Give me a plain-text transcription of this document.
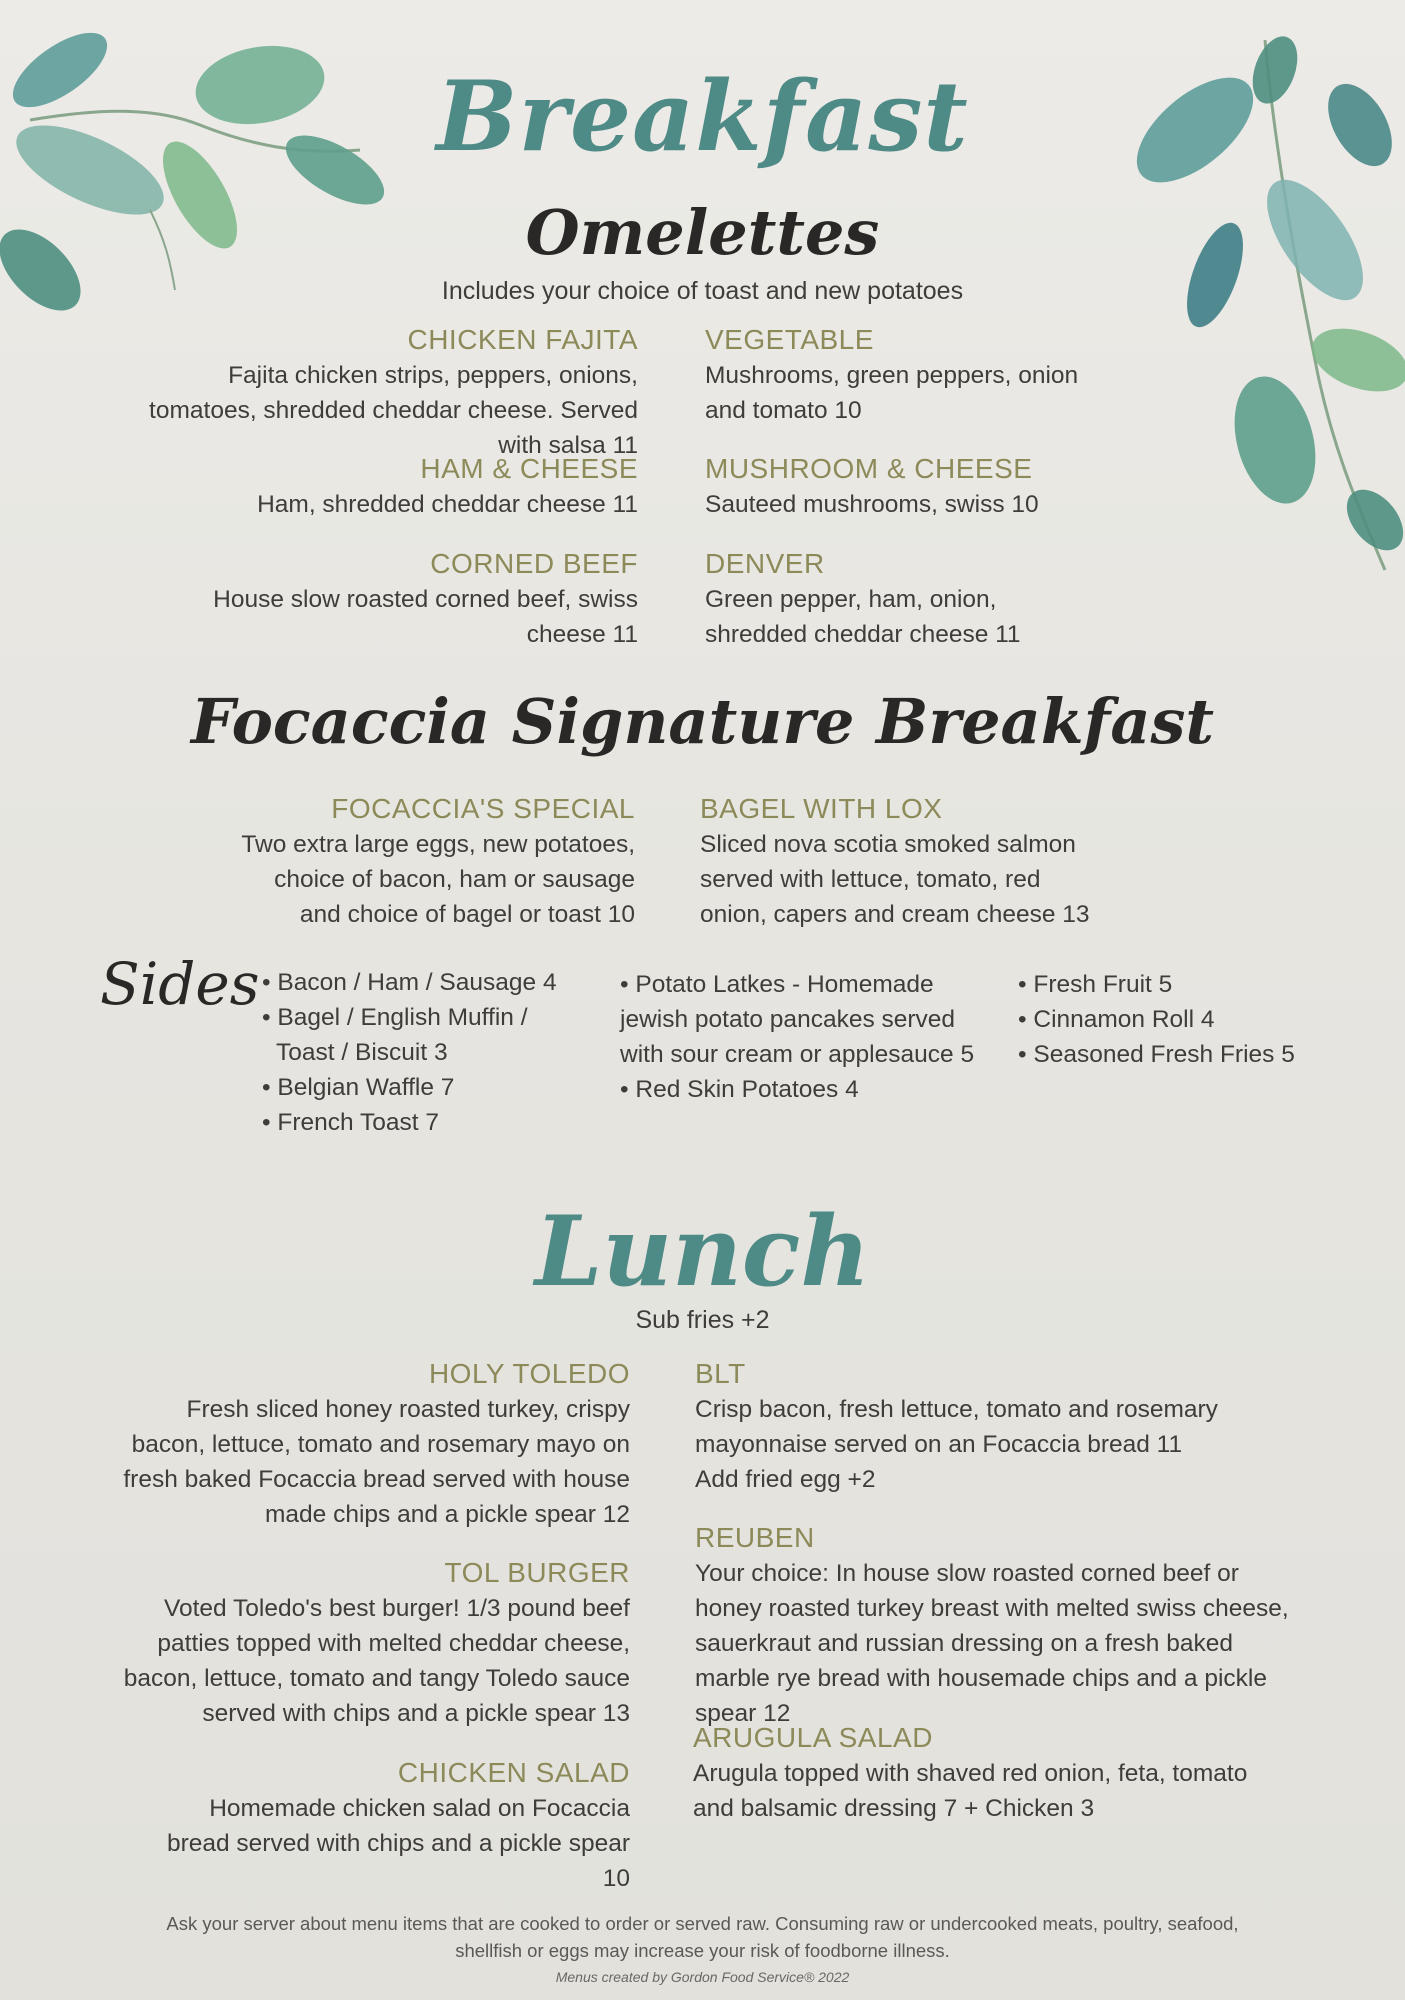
Breakfast
Omelettes
Includes your choice of toast and new potatoes
CHICKEN FAJITA
Fajita chicken strips, peppers, onions, tomatoes, shredded cheddar cheese. Served with salsa 11
VEGETABLE
Mushrooms, green peppers, onion and tomato 10
HAM & CHEESE
Ham, shredded cheddar cheese 11
MUSHROOM & CHEESE
Sauteed mushrooms, swiss 10
CORNED BEEF
House slow roasted corned beef, swiss cheese 11
DENVER
Green pepper, ham, onion, shredded cheddar cheese 11
Focaccia Signature Breakfast
FOCACCIA'S SPECIAL
Two extra large eggs, new potatoes, choice of bacon, ham or sausage and choice of bagel or toast 10
BAGEL WITH LOX
Sliced nova scotia smoked salmon served with lettuce, tomato, red onion, capers and cream cheese 13
Sides • Bacon / Ham / Sausage 4
• Bagel / English Muffin /
Toast / Biscuit 3
• Belgian Waffle 7
• French Toast 7
• Potato Latkes - Homemade
jewish potato pancakes served
with sour cream or applesauce 5
• Red Skin Potatoes 4
• Fresh Fruit 5
• Cinnamon Roll 4
• Seasoned Fresh Fries 5
Lunch
Sub fries +2
HOLY TOLEDO
Fresh sliced honey roasted turkey, crispy bacon, lettuce, tomato and rosemary mayo on fresh baked Focaccia bread served with house made chips and a pickle spear 12
BLT
Crisp bacon, fresh lettuce, tomato and rosemary mayonnaise served on an Focaccia bread 11
Add fried egg +2
TOL BURGER
Voted Toledo's best burger! 1/3 pound beef patties topped with melted cheddar cheese, bacon, lettuce, tomato and tangy Toledo sauce served with chips and a pickle spear 13
REUBEN
Your choice: In house slow roasted corned beef or honey roasted turkey breast with melted swiss cheese, sauerkraut and russian dressing on a fresh baked marble rye bread with housemade chips and a pickle spear 12
CHICKEN SALAD
Homemade chicken salad on Focaccia bread served with chips and a pickle spear 10
ARUGULA SALAD
Arugula topped with shaved red onion, feta, tomato and balsamic dressing 7 + Chicken 3
Ask your server about menu items that are cooked to order or served raw. Consuming raw or undercooked meats, poultry, seafood, shellfish or eggs may increase your risk of foodborne illness.
Menus created by Gordon Food Service® 2022
